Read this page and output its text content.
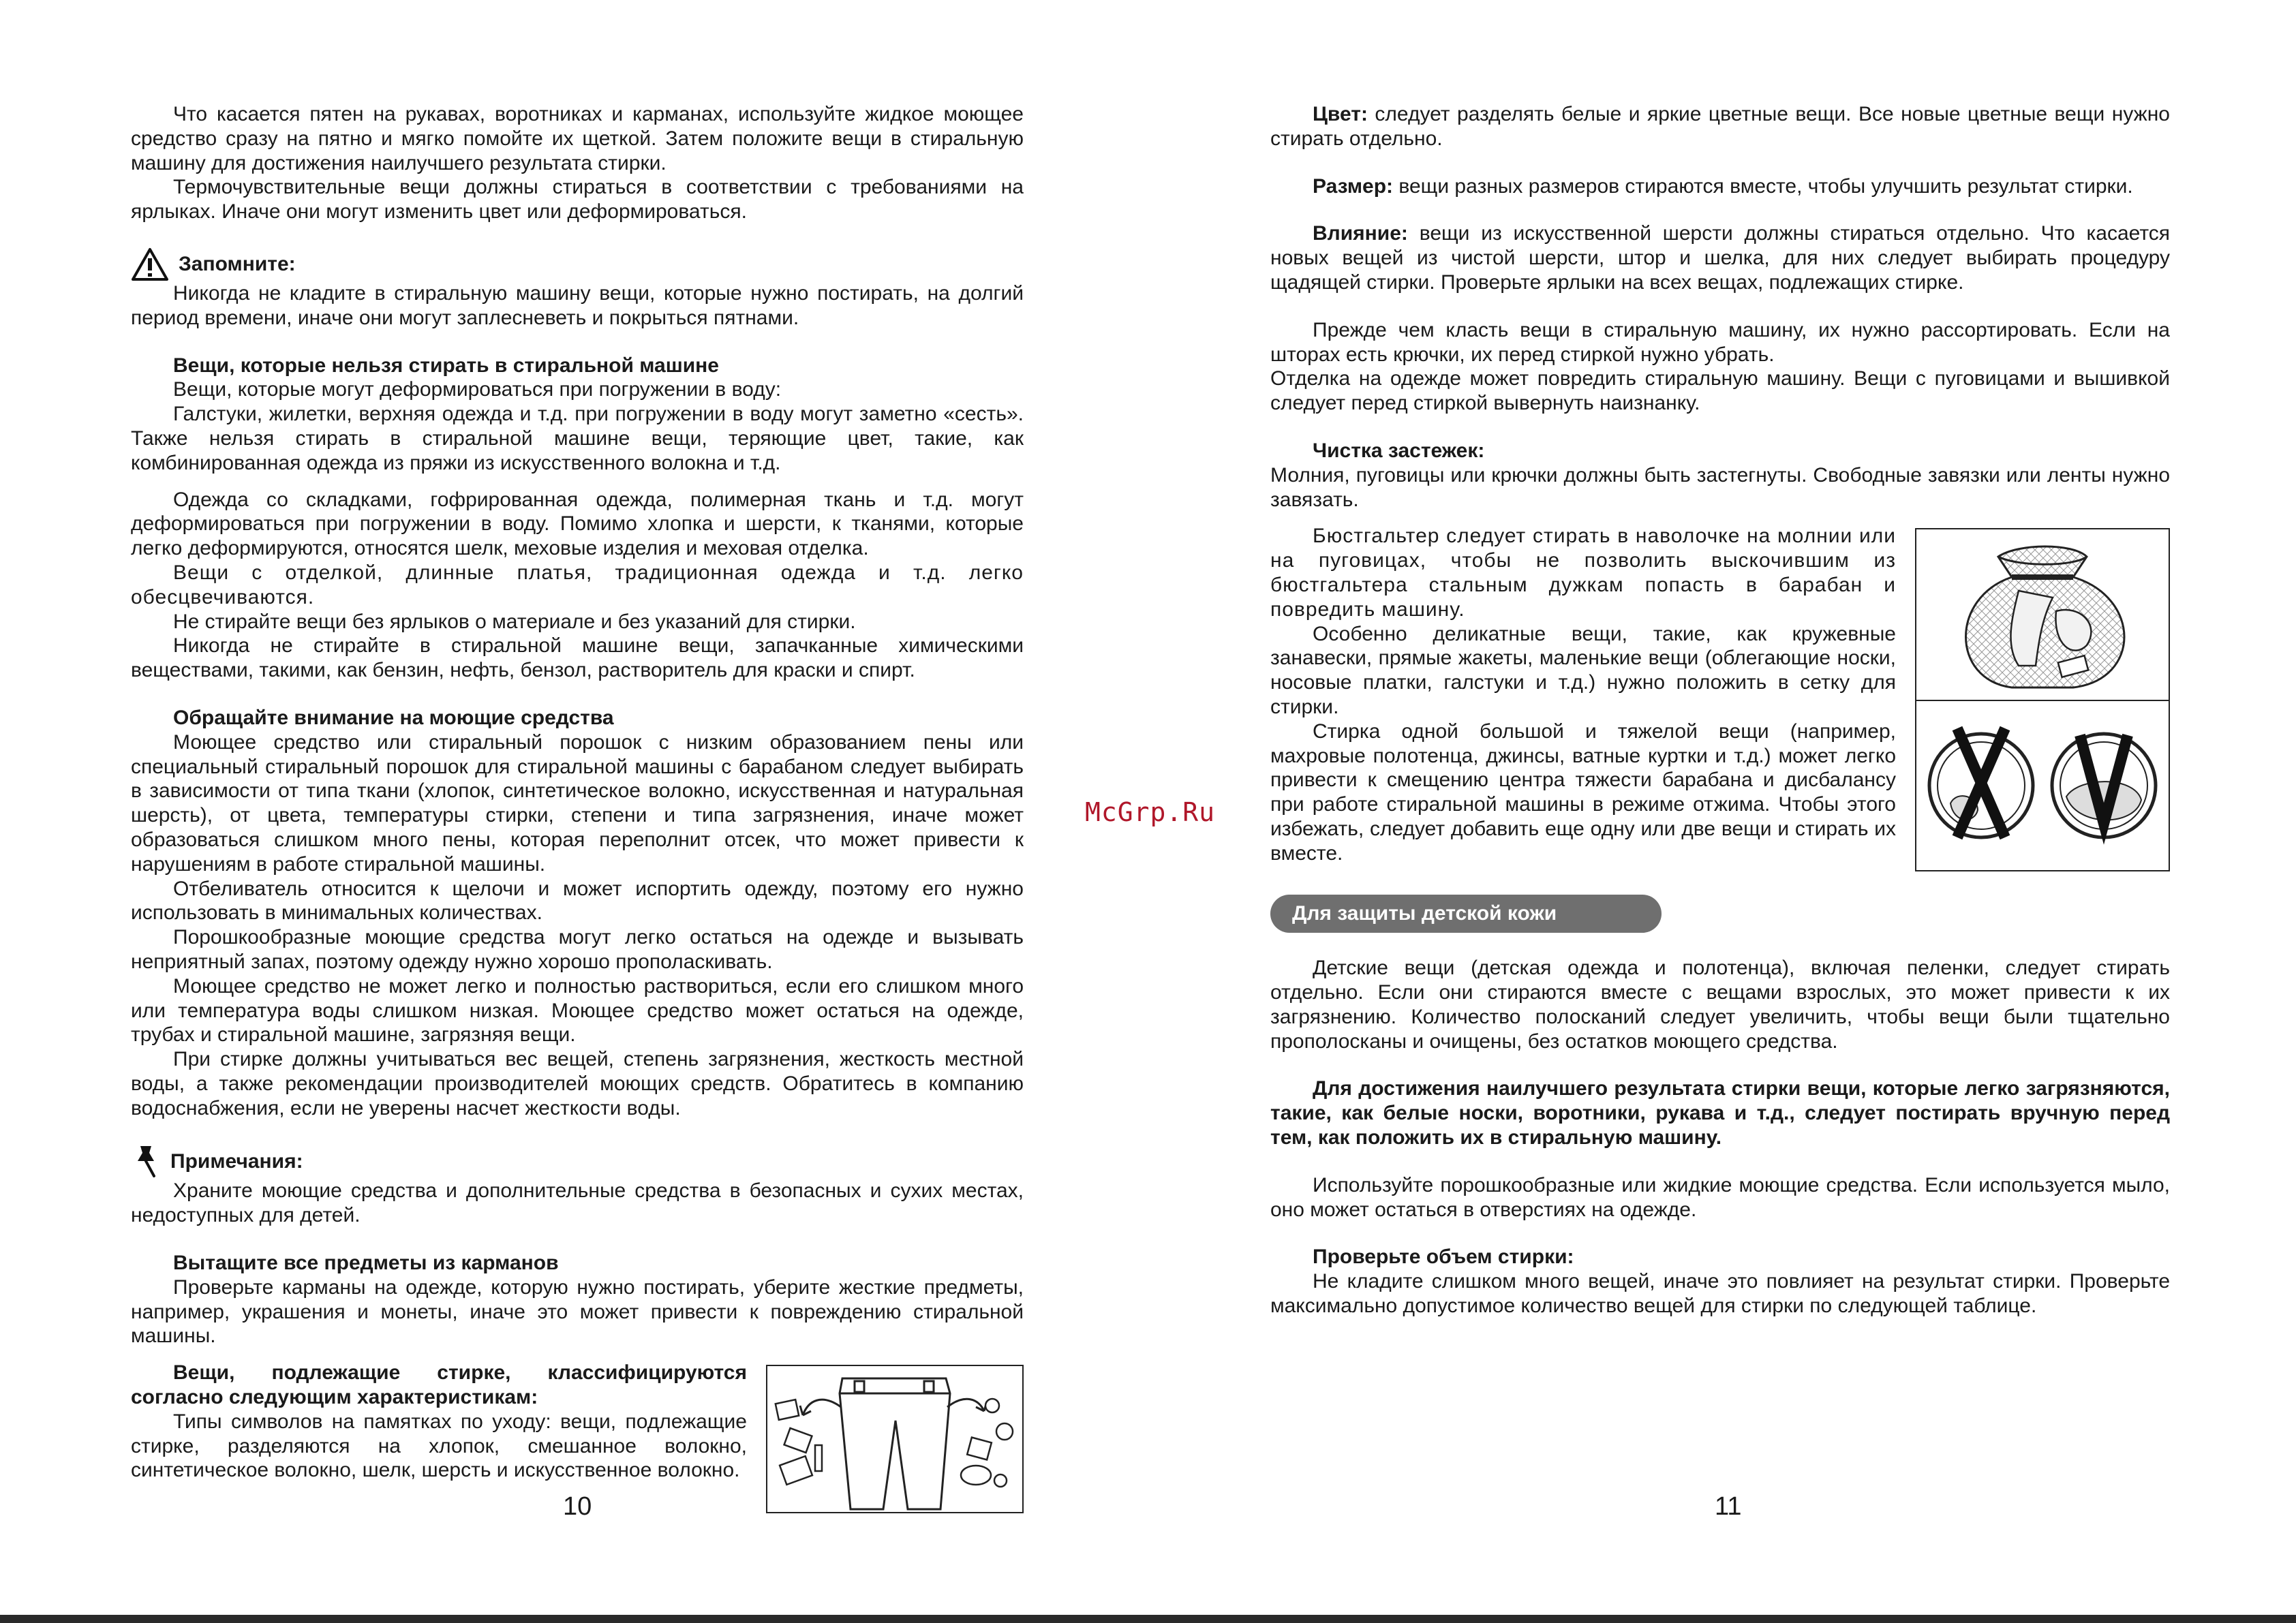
Что касается пятен на рукавах, воротниках и карманах, используйте жидкое моющее средство сразу на пятно и мягко помойте их щеткой. Затем положите вещи в стиральную машину для достижения наилучшего результата стирки.

Термочувствительные вещи должны стираться в соответствии с требованиями на ярлыках. Иначе они могут изменить цвет или деформироваться.

Запомните:

Никогда не кладите в стиральную машину вещи, которые нужно постирать, на долгий период времени, иначе они могут заплесневеть и покрыться пятнами.

Вещи, которые нельзя стирать в стиральной машине

Вещи, которые могут деформироваться при погружении в воду:

Галстуки, жилетки, верхняя одежда и т.д. при погружении в воду могут заметно «сесть». Также нельзя стирать в стиральной машине вещи, теряющие цвет, такие, как комбинированная одежда из пряжи из искусственного волокна и т.д.

Одежда со складками, гофрированная одежда, полимерная ткань и т.д. могут деформироваться при погружении в воду. Помимо хлопка и шерсти, к тканями, которые легко деформируются, относятся шелк, меховые изделия и меховая отделка.

Вещи с отделкой, длинные платья, традиционная одежда и т.д. легко обесцвечиваются.

Не стирайте вещи без ярлыков о материале и без указаний для стирки.

Никогда не стирайте в стиральной машине вещи, запачканные химическими веществами, такими, как бензин, нефть, бензол, растворитель для краски и спирт.

Обращайте внимание на моющие средства

Моющее средство или стиральный порошок с низким образованием пены или специальный стиральный порошок для стиральной машины с барабаном следует выбирать в зависимости от типа ткани (хлопок, синтетическое волокно, искусственная и натуральная шерсть), от цвета, температуры стирки, степени и типа загрязнения, иначе может образоваться слишком много пены, которая переполнит отсек, что может привести к нарушениям в работе стиральной машины.

Отбеливатель относится к щелочи и может испортить одежду, поэтому его нужно использовать в минимальных количествах.

Порошкообразные моющие средства могут легко остаться на одежде и вызывать неприятный запах, поэтому одежду нужно хорошо прополаскивать.

Моющее средство не может легко и полностью раствориться, если его слишком много или температура воды слишком низкая. Моющее средство может остаться на одежде, трубах и стиральной машине, загрязняя вещи.

При стирке должны учитываться вес вещей, степень загрязнения, жесткость местной воды, а также рекомендации производителей моющих средств. Обратитесь в компанию водоснабжения, если не уверены насчет жесткости воды.

Примечания:

Храните моющие средства и дополнительные средства в безопасных и сухих местах, недоступных для детей.

Вытащите все предметы из карманов

Проверьте карманы на одежде, которую нужно постирать, уберите жесткие предметы, например, украшения и монеты, иначе это может привести к повреждению стиральной машины.

Вещи, подлежащие стирке, классифицируются согласно следующим характеристикам:

Типы символов на памятках по уходу: вещи, подлежащие стирке, разделяются на хлопок, смешанное волокно, синтетическое волокно, шелк, шерсть и искусственное волокно.

10
McGrp.Ru

Цвет: следует разделять белые и яркие цветные вещи. Все новые цветные вещи нужно стирать отдельно.

Размер: вещи разных размеров стираются вместе, чтобы улучшить результат стирки.

Влияние: вещи из искусственной шерсти должны стираться отдельно. Что касается новых вещей из чистой шерсти, штор и шелка, для них следует выбирать процедуру щадящей стирки. Проверьте ярлыки на всех вещах, подлежащих стирке.

Прежде чем класть вещи в стиральную машину, их нужно рассортировать. Если на шторах есть крючки, их перед стиркой нужно убрать.

Отделка на одежде может повредить стиральную машину. Вещи с пуговицами и вышивкой следует перед стиркой вывернуть наизнанку.

Чистка застежек:

Молния, пуговицы или крючки должны быть застегнуты. Свободные завязки или ленты нужно завязать.

Бюстгальтер следует стирать в наволочке на молнии или на пуговицах, чтобы не позволить выскочившим из бюстгальтера стальным дужкам попасть в барабан и повредить машину.

Особенно деликатные вещи, такие, как кружевные занавески, прямые жакеты, маленькие вещи (облегающие носки, носовые платки, галстуки и т.д.) нужно положить в сетку для стирки.

Стирка одной большой и тяжелой вещи (например, махровые полотенца, джинсы, ватные куртки и т.д.) может легко привести к смещению центра тяжести барабана и дисбалансу при работе стиральной машины в режиме отжима. Чтобы этого избежать, следует добавить еще одну или две вещи и стирать их вместе.

Для защиты детской кожи

Детские вещи (детская одежда и полотенца), включая пеленки, следует стирать отдельно. Если они стираются вместе с вещами взрослых, это может привести к их загрязнению. Количество полосканий следует увеличить, чтобы вещи были тщательно прополосканы и очищены, без остатков моющего средства.

Для достижения наилучшего результата стирки вещи, которые легко загрязняются, такие, как белые носки, воротники, рукава и т.д., следует постирать вручную перед тем, как положить их в стиральную машину.

Используйте порошкообразные или жидкие моющие средства. Если используется мыло, оно может остаться в отверстиях на одежде.

Проверьте объем стирки:

Не кладите слишком много вещей, иначе это повлияет на результат стирки. Проверьте максимально допустимое количество вещей для стирки по следующей таблице.

11
